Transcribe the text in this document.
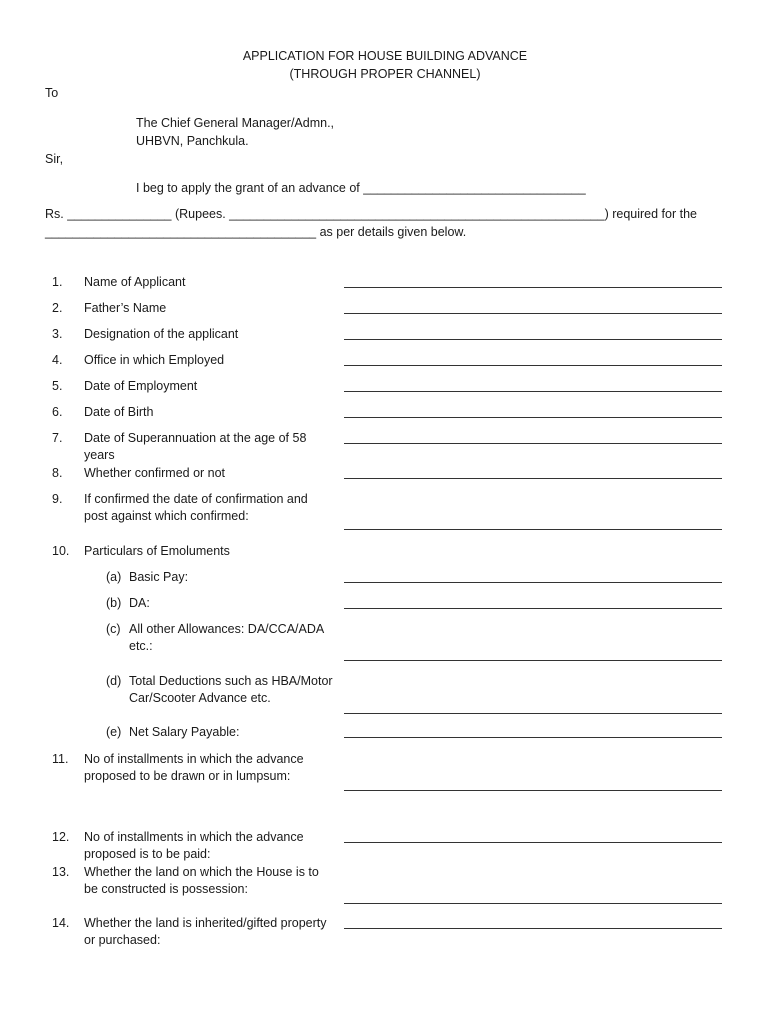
APPLICATION FOR HOUSE BUILDING ADVANCE
(THROUGH PROPER CHANNEL)
To
The Chief General Manager/Admn.,
UHBVN, Panchkula.
Sir,
I beg to apply the grant of an advance of ________________________________
Rs. _______________ (Rupees. ______________________________________________________) required for the
_______________________________________ as per details given below.
1. Name of Applicant
2. Father’s Name
3. Designation of the applicant
4. Office in which Employed
5. Date of Employment
6. Date of Birth
7. Date of Superannuation at the age of 58 years
8. Whether confirmed or not
9. If confirmed the date of confirmation and post against which confirmed:
10. Particulars of Emoluments
(a) Basic Pay:
(b) DA:
(c) All other Allowances: DA/CCA/ADA etc.:
(d) Total Deductions such as HBA/Motor Car/Scooter Advance etc.
(e) Net Salary Payable:
11. No of installments in which the advance proposed to be drawn or in lumpsum:
12. No of installments in which the advance proposed is to be paid:
13. Whether the land on which the House is to be constructed is possession:
14. Whether the land is inherited/gifted property or purchased:
